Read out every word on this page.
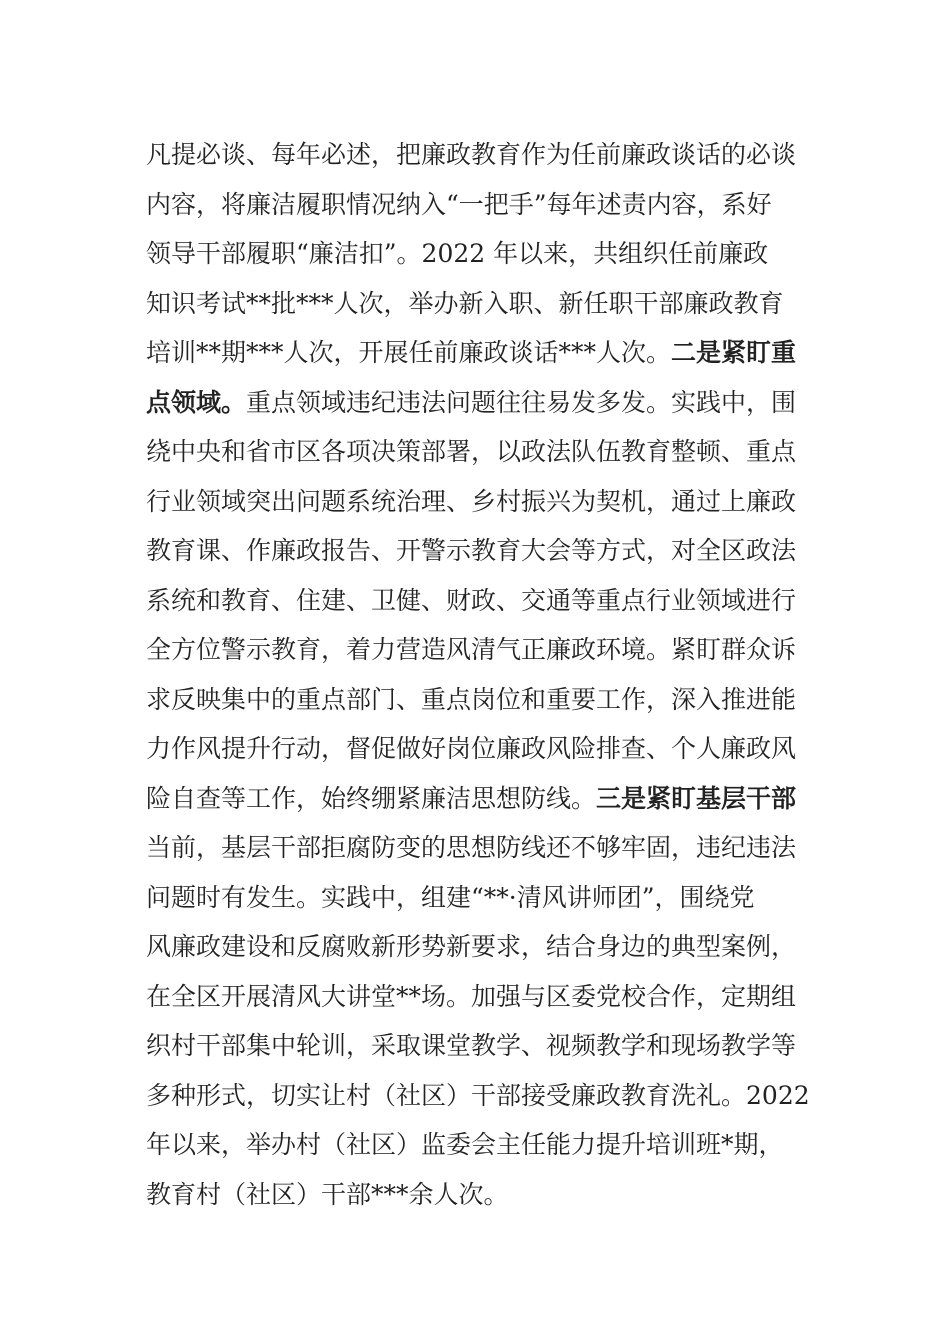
凡提必谈、每年必述，把廉政教育作为任前廉政谈话的必谈
内容，将廉洁履职情况纳入“一把手”每年述责内容，系好
领导干部履职“廉洁扣”。2022 年以来，共组织任前廉政
知识考试**批***人次，举办新入职、新任职干部廉政教育
培训**期***人次，开展任前廉政谈话***人次。二是紧盯重
点领域。重点领域违纪违法问题往往易发多发。实践中，围
绕中央和省市区各项决策部署，以政法队伍教育整顿、重点
行业领域突出问题系统治理、乡村振兴为契机，通过上廉政
教育课、作廉政报告、开警示教育大会等方式，对全区政法
系统和教育、住建、卫健、财政、交通等重点行业领域进行
全方位警示教育，着力营造风清气正廉政环境。紧盯群众诉
求反映集中的重点部门、重点岗位和重要工作，深入推进能
力作风提升行动，督促做好岗位廉政风险排查、个人廉政风
险自查等工作，始终绷紧廉洁思想防线。三是紧盯基层干部
当前，基层干部拒腐防变的思想防线还不够牢固，违纪违法
问题时有发生。实践中，组建“**·清风讲师团”，围绕党
风廉政建设和反腐败新形势新要求，结合身边的典型案例，
在全区开展清风大讲堂**场。加强与区委党校合作，定期组
织村干部集中轮训，采取课堂教学、视频教学和现场教学等
多种形式，切实让村（社区）干部接受廉政教育洗礼。2022
年以来，举办村（社区）监委会主任能力提升培训班*期，
教育村（社区）干部***余人次。
